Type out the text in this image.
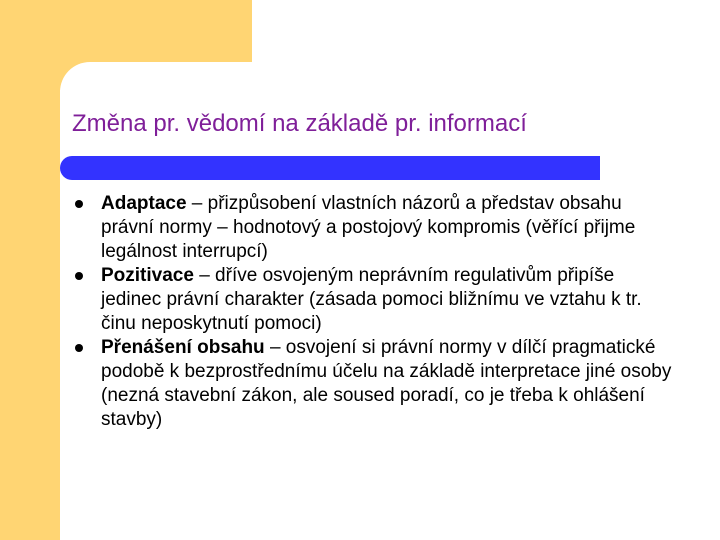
Změna pr. vědomí na základě pr. informací
Adaptace – přizpůsobení vlastních názorů a představ obsahu právní normy – hodnotový a postojový kompromis (věřící přijme legálnost interrupcí)
Pozitivace – dříve osvojeným neprávním regulativům připíše jedinec právní charakter (zásada pomoci bližnímu ve vztahu k tr. činu neposkytnutí pomoci)
Přenášení obsahu – osvojení si právní normy v dílčí pragmatické podobě k bezprostřednímu účelu na základě interpretace jiné osoby (nezná stavební zákon, ale soused poradí, co je třeba k ohlášení stavby)
